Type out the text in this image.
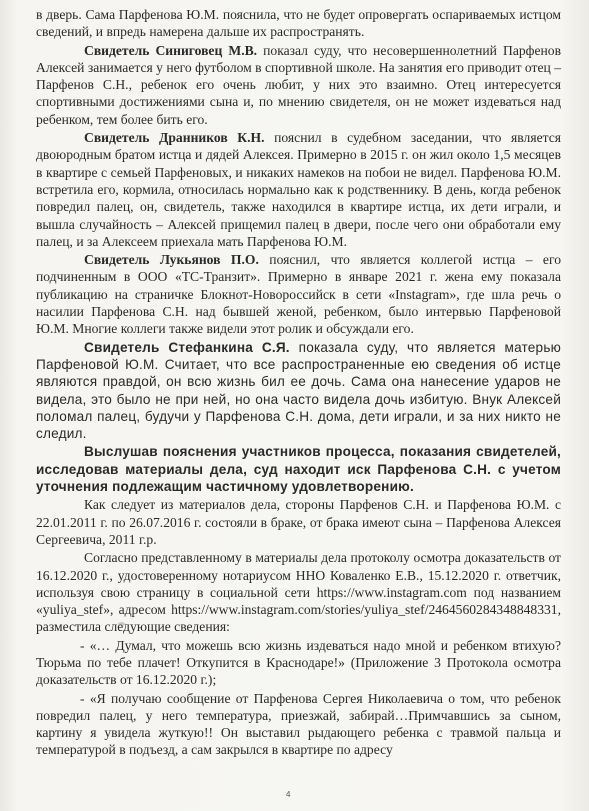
в дверь. Сама Парфенова Ю.М. пояснила, что не будет опровергать оспариваемых истцом сведений, и впредь намерена дальше их распространять.

Свидетель Синиговец М.В. показал суду, что несовершеннолетний Парфенов Алексей занимается у него футболом в спортивной школе. На занятия его приводит отец – Парфенов С.Н., ребенок его очень любит, у них это взаимно. Отец интересуется спортивными достижениями сына и, по мнению свидетеля, он не может издеваться над ребенком, тем более бить его.

Свидетель Дранников К.Н. пояснил в судебном заседании, что является двоюродным братом истца и дядей Алексея. Примерно в 2015 г. он жил около 1,5 месяцев в квартире с семьей Парфеновых, и никаких намеков на побои не видел. Парфенова Ю.М. встретила его, кормила, относилась нормально как к родственнику. В день, когда ребенок повредил палец, он, свидетель, также находился в квартире истца, их дети играли, и вышла случайность – Алексей прищемил палец в двери, после чего они обработали ему палец, и за Алексеем приехала мать Парфенова Ю.М.

Свидетель Лукьянов П.О. пояснил, что является коллегой истца – его подчиненным в ООО «ТС-Транзит». Примерно в январе 2021 г. жена ему показала публикацию на страничке Блокнот-Новороссийск в сети «Instagram», где шла речь о насилии Парфенова С.Н. над бывшей женой, ребенком, было интервью Парфеновой Ю.М. Многие коллеги также видели этот ролик и обсуждали его.

Свидетель Стефанкина С.Я. показала суду, что является матерью Парфеновой Ю.М. Считает, что все распространенные ею сведения об истце являются правдой, он всю жизнь бил ее дочь. Сама она нанесение ударов не видела, это было не при ней, но она часто видела дочь избитую. Внук Алексей поломал палец, будучи у Парфенова С.Н. дома, дети играли, и за них никто не следил.

Выслушав пояснения участников процесса, показания свидетелей, исследовав материалы дела, суд находит иск Парфенова С.Н. с учетом уточнения подлежащим частичному удовлетворению.

Как следует из материалов дела, стороны Парфенов С.Н. и Парфенова Ю.М. с 22.01.2011 г. по 26.07.2016 г. состояли в браке, от брака имеют сына – Парфенова Алексея Сергеевича, 2011 г.р.

Согласно представленному в материалы дела протоколу осмотра доказательств от 16.12.2020 г., удостоверенному нотариусом ННО Коваленко Е.В., 15.12.2020 г. ответчик, используя свою страницу в социальной сети https://www.instagram.com под названием «yuliya_stef», адресом https://www.instagram.com/stories/yuliya_stef/2464560284348848331, разместила следующие сведения:

- «… Думал, что можешь всю жизнь издеваться надо мной и ребенком втихую? Тюрьма по тебе плачет! Откупится в Краснодаре!» (Приложение 3 Протокола осмотра доказательств от 16.12.2020 г.);

- «Я получаю сообщение от Парфенова Сергея Николаевича о том, что ребенок повредил палец, у него температура, приезжай, забирай…Примчавшись за сыном, картину я увидела жуткую!! Он выставил рыдающего ребенка с травмой пальца и температурой в подъезд, а сам закрылся в квартире по адресу

4
